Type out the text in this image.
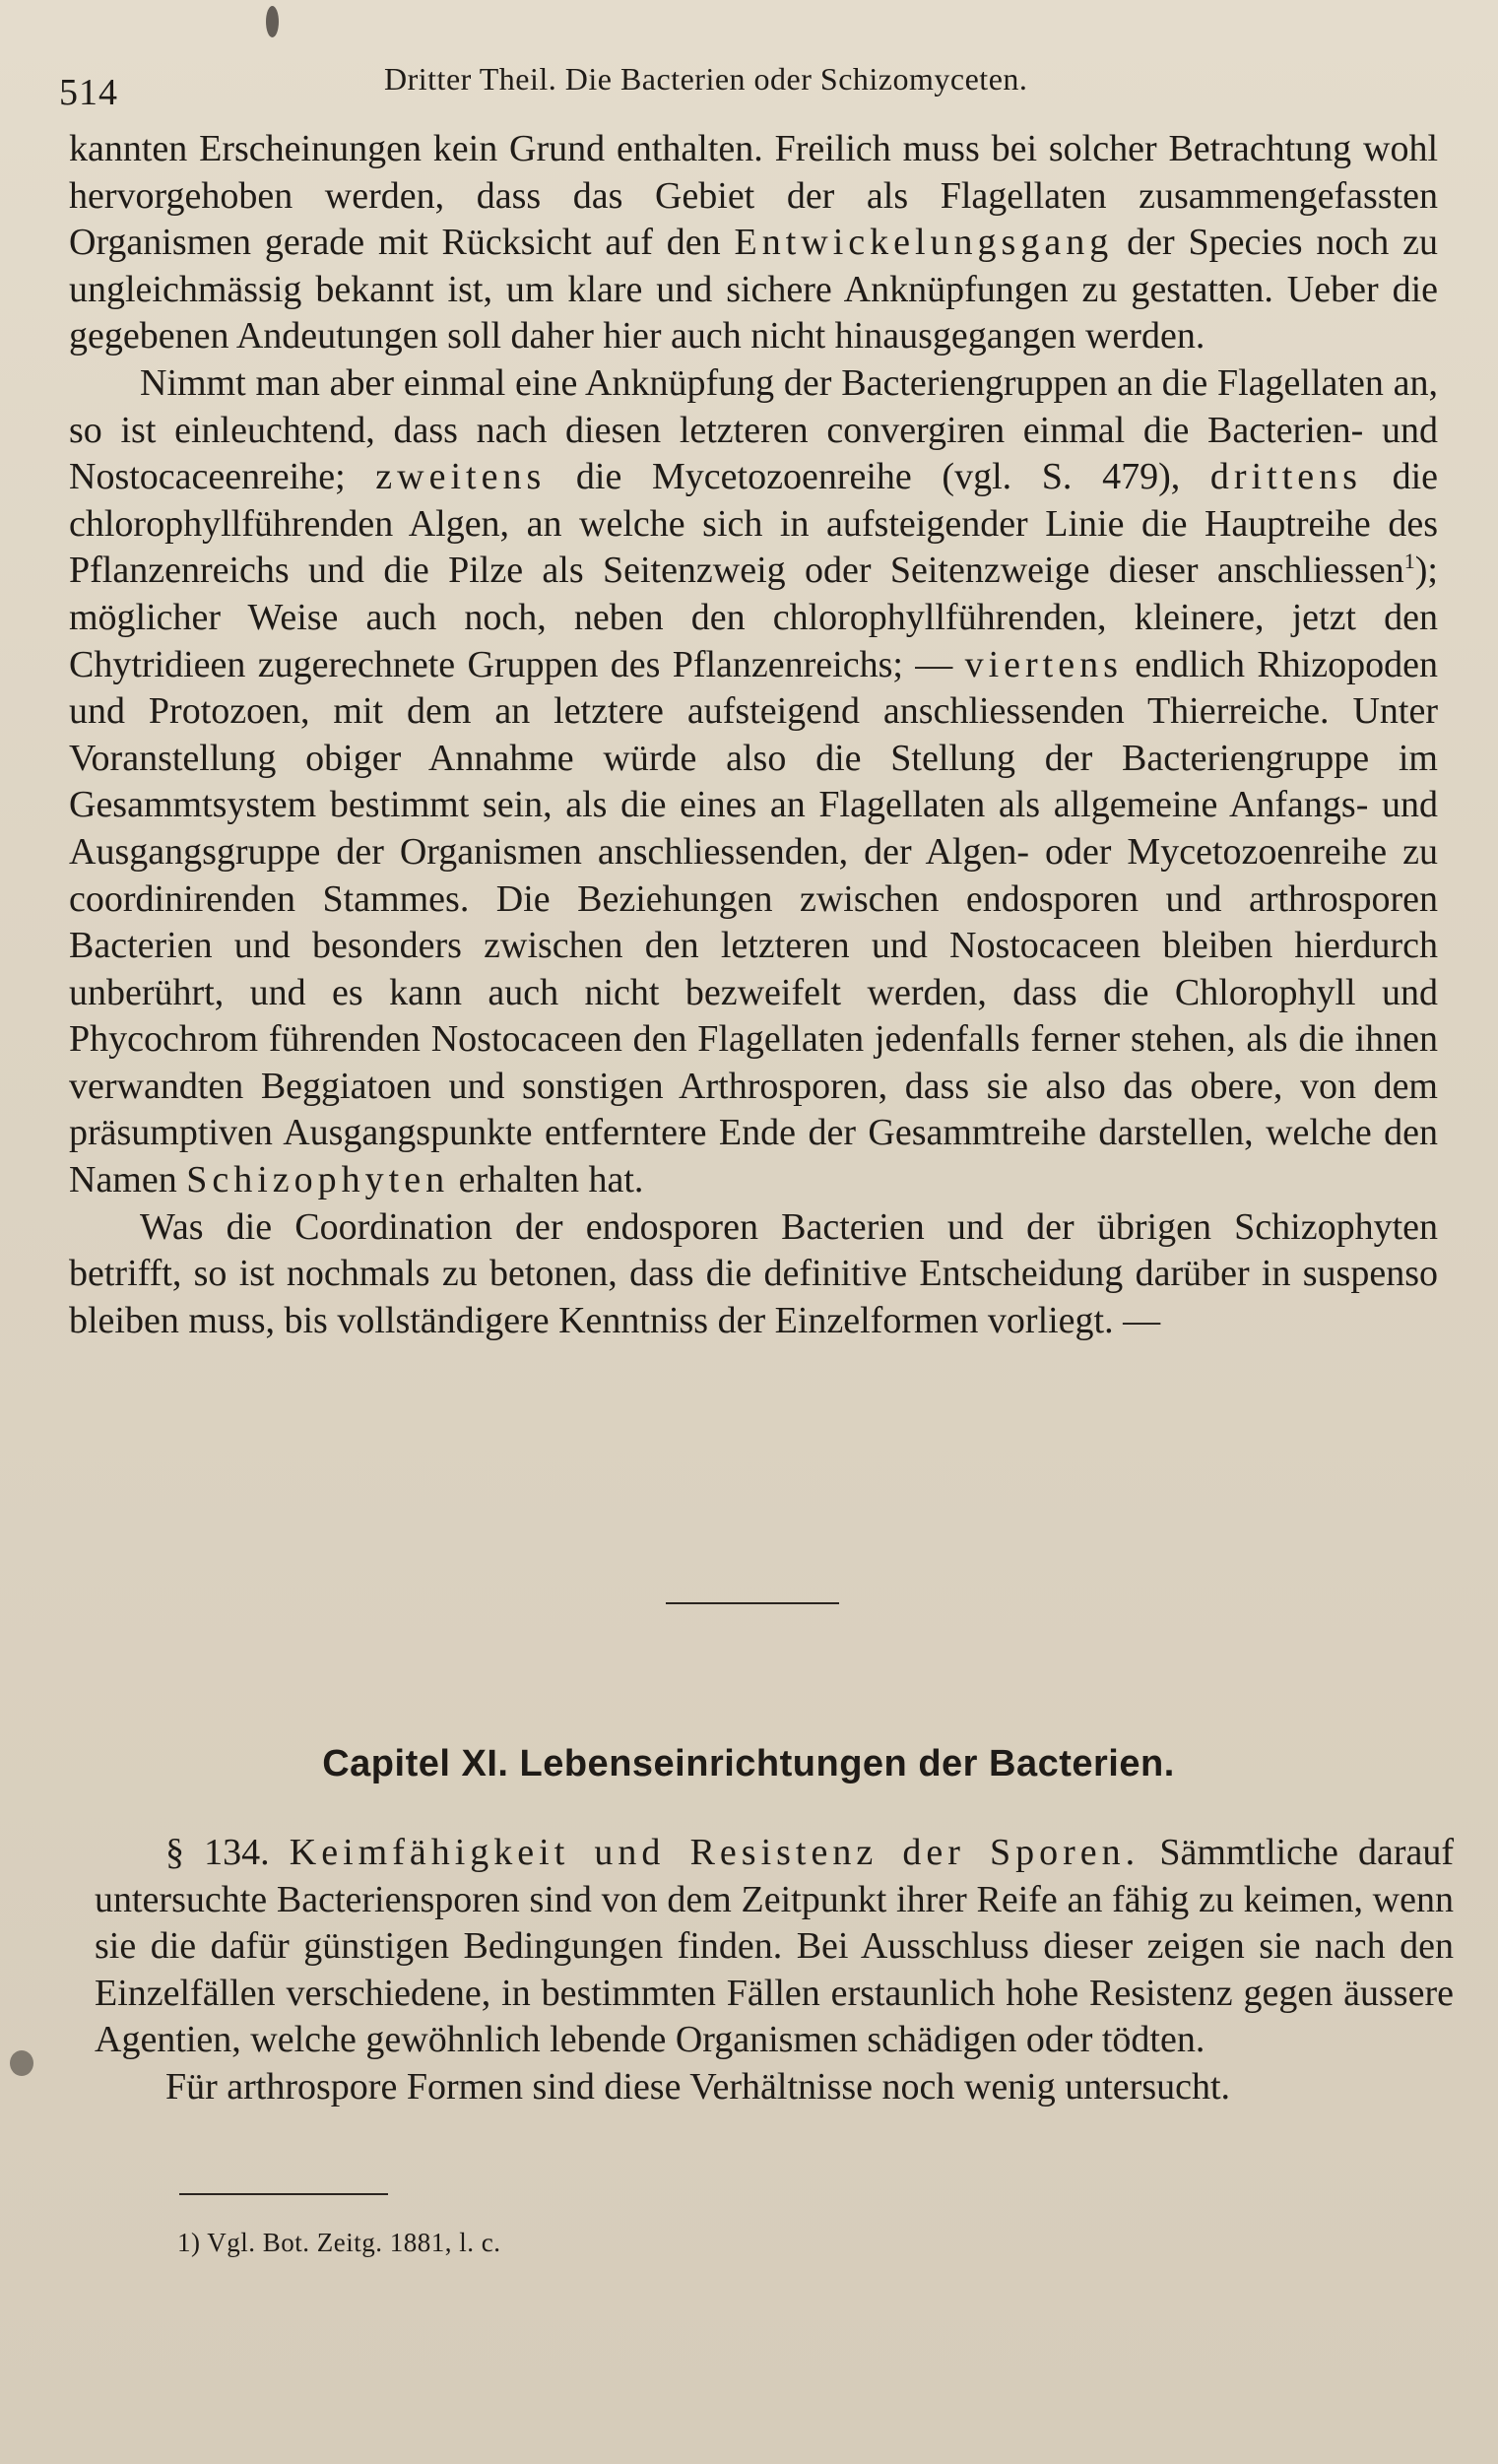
514	Dritter Theil. Die Bacterien oder Schizomyceten.

kannten Erscheinungen kein Grund enthalten. Freilich muss bei solcher Betrachtung wohl hervorgehoben werden, dass das Gebiet der als Flagellaten zusammengefassten Organismen gerade mit Rücksicht auf den Entwickelungsgang der Species noch zu ungleichmässig bekannt ist, um klare und sichere Anknüpfungen zu gestatten. Ueber die gegebenen Andeutungen soll daher hier auch nicht hinausgegangen werden.

Nimmt man aber einmal eine Anknüpfung der Bacteriengruppen an die Flagellaten an, so ist einleuchtend, dass nach diesen letzteren convergiren einmal die Bacterien- und Nostocaceenreihe; zweitens die Mycetozoenreihe (vgl. S. 479), drittens die chlorophyllführenden Algen, an welche sich in aufsteigender Linie die Hauptreihe des Pflanzenreichs und die Pilze als Seitenzweig oder Seitenzweige dieser anschliessen$^1$); möglicher Weise auch noch, neben den chlorophyllführenden, kleinere, jetzt den Chytridieen zugerechnete Gruppen des Pflanzenreichs; — viertens endlich Rhizopoden und Protozoen, mit dem an letztere aufsteigend anschliessenden Thierreiche. Unter Voranstellung obiger Annahme würde also die Stellung der Bacteriengruppe im Gesammtsystem bestimmt sein, als die eines an Flagellaten als allgemeine Anfangs- und Ausgangsgruppe der Organismen anschliessenden, der Algen- oder Mycetozoenreihe zu coordinirenden Stammes. Die Beziehungen zwischen endosporen und arthrosporen Bacterien und besonders zwischen den letzteren und Nostocaceen bleiben hierdurch unberührt, und es kann auch nicht bezweifelt werden, dass die Chlorophyll und Phycochrom führenden Nostocaceen den Flagellaten jedenfalls ferner stehen, als die ihnen verwandten Beggiatoen und sonstigen Arthrosporen, dass sie also das obere, von dem präsumptiven Ausgangspunkte entferntere Ende der Gesammtreihe darstellen, welche den Namen Schizophyten erhalten hat.

Was die Coordination der endosporen Bacterien und der übrigen Schizophyten betrifft, so ist nochmals zu betonen, dass die definitive Entscheidung darüber in suspenso bleiben muss, bis vollständigere Kenntniss der Einzelformen vorliegt. —

Capitel XI. Lebenseinrichtungen der Bacterien.

§ 134. Keimfähigkeit und Resistenz der Sporen. Sämmtliche darauf untersuchte Bacteriensporen sind von dem Zeitpunkt ihrer Reife an fähig zu keimen, wenn sie die dafür günstigen Bedingungen finden. Bei Ausschluss dieser zeigen sie nach den Einzelfällen verschiedene, in bestimmten Fällen erstaunlich hohe Resistenz gegen äussere Agentien, welche gewöhnlich lebende Organismen schädigen oder tödten.

Für arthrospore Formen sind diese Verhältnisse noch wenig untersucht.

1) Vgl. Bot. Zeitg. 1881, l. c.
